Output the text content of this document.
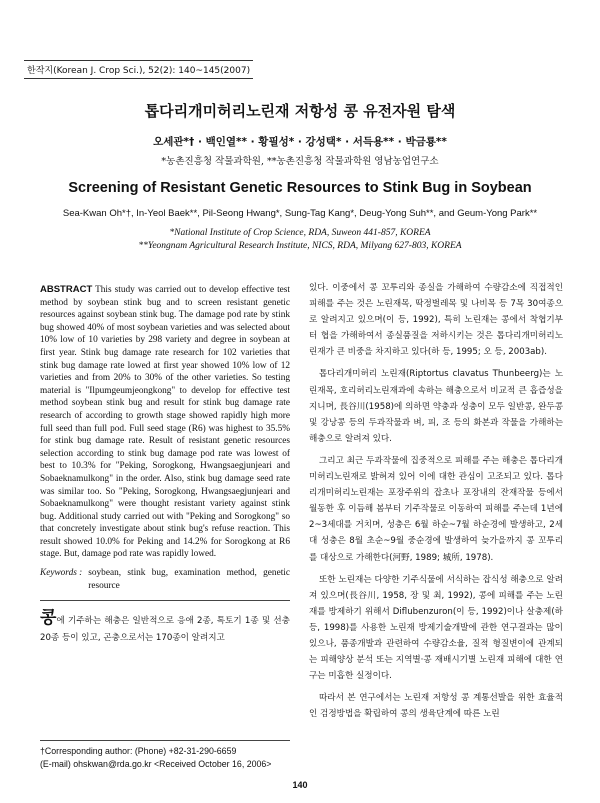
한작지(Korean J. Crop Sci.), 52(2): 140~145(2007)
톱다리개미허리노린재 저항성 콩 유전자원 탐색
오세관*† · 백인열** · 황필성* · 강성택* · 서득용** · 박금룡**
*농촌진흥청 작물과학원, **농촌진흥청 작물과학원 영남농업연구소
Screening of Resistant Genetic Resources to Stink Bug in Soybean
Sea-Kwan Oh*†, In-Yeol Baek**, Pil-Seong Hwang*, Sung-Tag Kang*, Deug-Yong Suh**, and Geum-Yong Park**
*National Institute of Crop Science, RDA, Suweon 441-857, KOREA
**Yeongnam Agricultural Research Institute, NICS, RDA, Milyang 627-803, KOREA
ABSTRACT This study was carried out to develop effective test method by soybean stink bug and to screen resistant genetic resources against soybean stink bug. The damage pod rate by stink bug showed 40% of most soybean varieties and was selected about 10% low of 10 varieties by 298 variety and degree in soybean at first year. Stink bug damage rate research for 102 varieties that stink bug damage rate lowed at first year showed 10% low of 12 varieties and from 20% to 30% of the other varieties. So testing material is "Ilpumgeumjeongkong" to develop for effective test method soybean stink bug and result for stink bug damage rate research of according to growth stage showed rapidly high more full seed than full pod. Full seed stage (R6) was highest to 35.5% for stink bug damage rate. Result of resistant genetic resources selection according to stink bug damage pod rate was lowest of best to 10.3% for "Peking, Sorogkong, Hwangsaegjunjeari and Sobaeknamulkong" in the order. Also, stink bug damage seed rate was similar too. So "Peking, Sorogkong, Hwangsaegjunjeari and Sobaeknamulkong" were thought resistant variety against stink bug. Additional study carried out with "Peking and Sorogkong" so that concretely investigate about stink bug's refuse reaction. This result showed 10.0% for Peking and 14.2% for Sorogkong at R6 stage. But, damage pod rate was rapidly lowed.
Keywords : soybean, stink bug, examination method, genetic resource
콩에 기주하는 해충은 일반적으로 응애 2종, 톡토기 1종 및 선충 20종 등이 있고, 곤충으로서는 170종이 알려지고
†Corresponding author: (Phone) +82-31-290-6659
(E-mail) ohskwan@rda.go.kr <Received October 16, 2006>

있다. 이중에서 콩 꼬투리와 종실을 가해하여 수량감소에 직접적인 피해를 주는 것은 노린재목, 딱정벌레목 및 나비목 등 7목 30여종으로 알려지고 있으며(이 등, 1992), 특히 노린재는 콩에서 착협기부터 협을 가해하여서 종실품질을 저하시키는 것은 톱다리개미허리노린재가 큰 비중을 차지하고 있다(하 등, 1995; 오 등, 2003ab).

톱다리개미허리 노린재(Riptortus clavatus Thunbeerg)는 노린재목, 호리허리노린재과에 속하는 해충으로서 비교적 큰 흡즙성을 지니며, 長谷川(1958)에 의하면 약충과 성충이 모두 일반콩, 완두콩 및 강낭콩 등의 두과작물과 벼, 피, 조 등의 화본과 작물을 가해하는 해충으로 알려져 있다.

그리고 최근 두과작물에 집중적으로 피해를 주는 해충은 톱다리개미허리노린재로 밝혀져 있어 이에 대한 관심이 고조되고 있다. 톱다리개미허리노린재는 포장주위의 잡초나 포장내의 잔재작물 등에서 월동한 후 이듬해 봄부터 기주작물로 이동하여 피해를 주는데 1년에 2~3세대를 거치며, 성충은 6월 하순~7월 하순경에 발생하고, 2세대 성충은 8월 초순~9월 중순경에 발생하여 늦가을까지 콩 꼬투리를 대상으로 가해한다(河野, 1989; 城所, 1978).

또한 노린재는 다양한 기주식물에 서식하는 잡식성 해충으로 알려져 있으며(長谷川, 1958, 장 및 최, 1992), 콩에 피해를 주는 노린재를 방제하기 위해서 Diflubenzuron(이 등, 1992)이나 살충제(하 등, 1998)를 사용한 노린재 방제기술개발에 관한 연구결과는 많이 있으나, 품종개발과 관련하여 수량감소율, 질적 형질변이에 관계되는 피해양상 분석 또는 지역별·콩 재배시기별 노린재 피해에 대한 연구는 미흡한 실정이다.

따라서 본 연구에서는 노린재 저항성 콩 계통선발을 위한 효율적인 검정방법을 확립하여 콩의 생육단계에 따른 노린

140
